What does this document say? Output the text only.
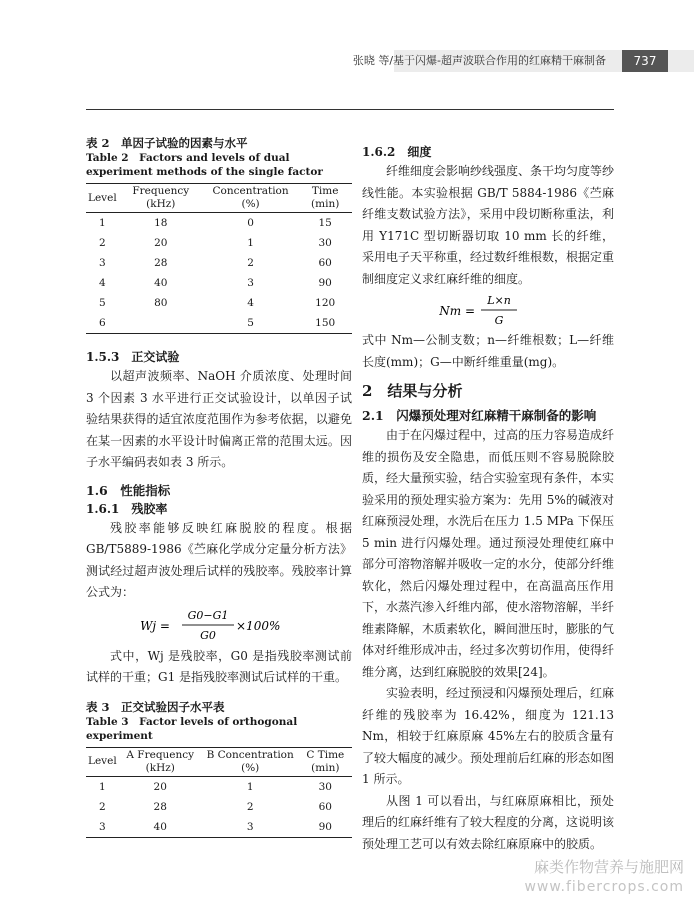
张晓 等/基于闪爆-超声波联合作用的红麻精干麻制备	737

表 2　单因子试验的因素与水平

Table 2　Factors and levels of dual experiment methods of the single factor

Level	Frequency (kHz)	Concentration (%)	Time (min)
1	18	0	15
2	20	1	30
3	28	2	60
4	40	3	90
5	80	4	120
6		5	150

1.5.3　正交试验

以超声波频率、NaOH 介质浓度、处理时间 3 个因素 3 水平进行正交试验设计，以单因子试验结果获得的适宜浓度范围作为参考依据，以避免在某一因素的水平设计时偏离正常的范围太远。因子水平编码表如表 3 所示。

1.6　性能指标

1.6.1　残胶率

残胶率能够反映红麻脱胶的程度。根据 GB/T5889-1986《苎麻化学成分定量分析方法》测试经过超声波处理后试样的残胶率。残胶率计算公式为：

Wj =
G0−G1
G0
×100%

式中，Wj 是残胶率，G0 是指残胶率测试前试样的干重；G1 是指残胶率测试后试样的干重。

表 3　正交试验因子水平表

Table 3　Factor levels of orthogonal experiment

Level	A Frequency (kHz)	B Concentration (%)	C Time (min)
1	20	1	30
2	28	2	60
3	40	3	90

1.6.2　细度

纤维细度会影响纱线强度、条干均匀度等纱线性能。本实验根据 GB/T 5884-1986《苎麻纤维支数试验方法》，采用中段切断称重法，利用 Y171C 型切断器切取 10 mm 长的纤维，采用电子天平称重，经过数纤维根数，根据定重制细度定义求红麻纤维的细度。

Nm =
L×n
G

式中 Nm—公制支数；n—纤维根数；L—纤维长度(mm)；G—中断纤维重量(mg)。

2　结果与分析

2.1　闪爆预处理对红麻精干麻制备的影响

由于在闪爆过程中，过高的压力容易造成纤维的损伤及安全隐患，而低压则不容易脱除胶质，经大量预实验，结合实验室现有条件，本实验采用的预处理实验方案为：先用 5%的碱液对红麻预浸处理，水洗后在压力 1.5 MPa 下保压 5 min 进行闪爆处理。通过预浸处理使红麻中部分可溶物溶解并吸收一定的水分，使部分纤维软化，然后闪爆处理过程中，在高温高压作用下，水蒸汽渗入纤维内部，使水溶物溶解，半纤维素降解，木质素软化，瞬间泄压时，膨胀的气体对纤维形成冲击，经过多次剪切作用，使得纤维分离，达到红麻脱胶的效果[24]。

实验表明，经过预浸和闪爆预处理后，红麻纤维的残胶率为 16.42%，细度为 121.13 Nm，相较于红麻原麻 45%左右的胶质含量有了较大幅度的减少。预处理前后红麻的形态如图 1 所示。

从图 1 可以看出，与红麻原麻相比，预处理后的红麻纤维有了较大程度的分离，这说明该预处理工艺可以有效去除红麻原麻中的胶质。

麻类作物营养与施肥网
www.fibercrops.com
